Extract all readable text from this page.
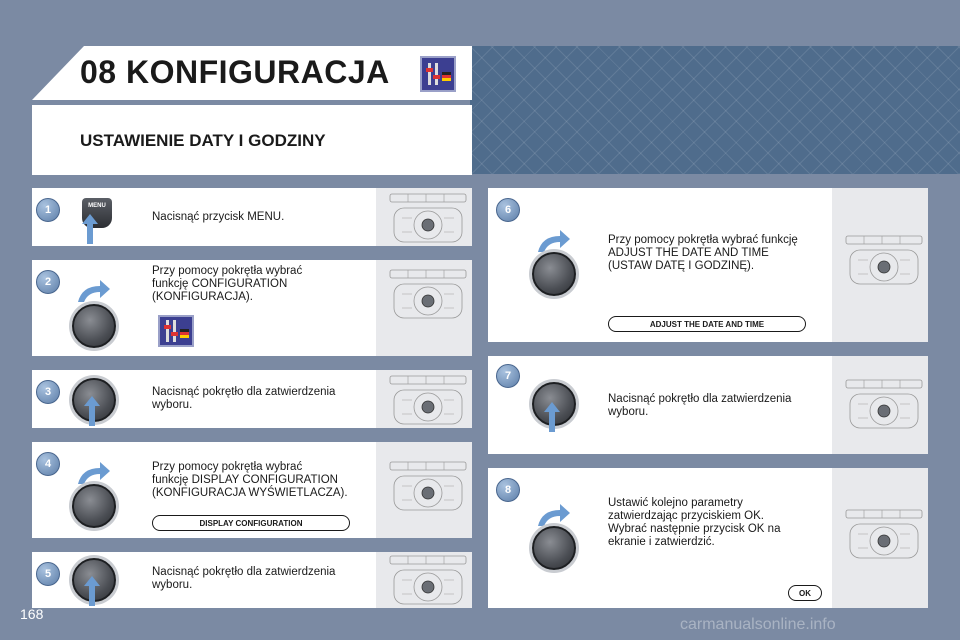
08 KONFIGURACJA
USTAWIENIE DATY I GODZINY
1	MENU
Nacisnąć przycisk MENU.
2
Przy pomocy pokrętła wybrać
funkcję CONFIGURATION
(KONFIGURACJA).
3	Nacisnąć pokrętło dla zatwierdzenia
wyboru.
4	Przy pomocy pokrętła wybrać
funkcję DISPLAY CONFIGURATION
(KONFIGURACJA WYŚWIETLACZA).
DISPLAY CONFIGURATION
5	Nacisnąć pokrętło dla zatwierdzenia
wyboru.
6
Przy pomocy pokrętła wybrać funkcję
ADJUST THE DATE AND TIME
(USTAW DATĘ I GODZINĘ).
ADJUST THE DATE AND TIME
7
Nacisnąć pokrętło dla zatwierdzenia
wyboru.
8
Ustawić kolejno parametry
zatwierdzając przyciskiem OK.
Wybrać następnie przycisk OK na
ekranie i zatwierdzić.
OK
168
carmanualsonline.info
